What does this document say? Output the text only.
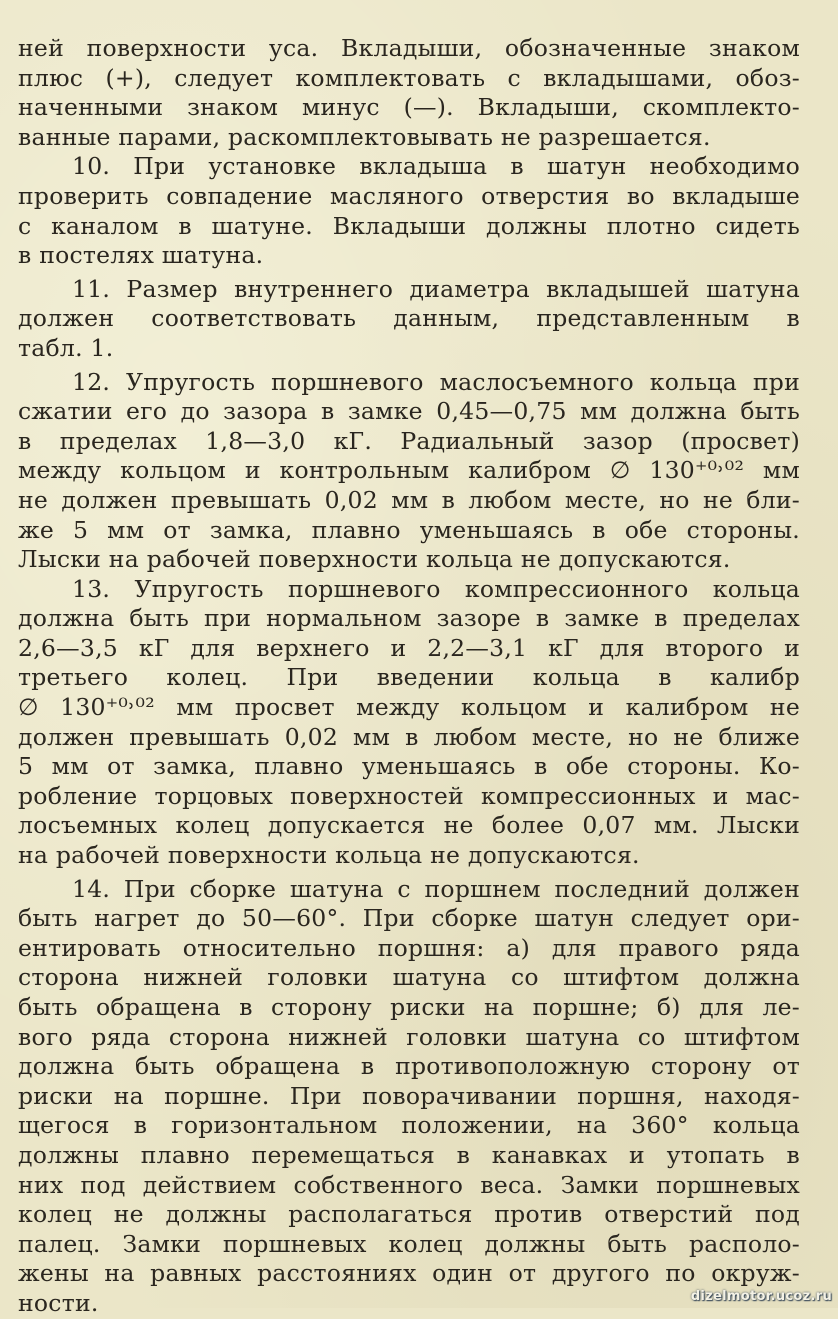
ней поверхности уса. Вкладыши, обозначенные знаком
плюс (+), следует комплектовать с вкладышами, обоз-
наченными знаком минус (—). Вкладыши, скомплекто-
ванные парами, раскомплектовывать не разрешается.
10. При установке вкладыша в шатун необходимо
проверить совпадение масляного отверстия во вкладыше
с каналом в шатуне. Вкладыши должны плотно сидеть
в постелях шатуна.
11. Размер внутреннего диаметра вкладышей шатуна
должен соответствовать данным, представленным в
табл. 1.
12. Упругость поршневого маслосъемного кольца при
сжатии его до зазора в замке 0,45—0,75 мм должна быть
в пределах 1,8—3,0 кГ. Радиальный зазор (просвет)
между кольцом и контрольным калибром ∅ 130⁺⁰˒⁰² мм
не должен превышать 0,02 мм в любом месте, но не бли-
же 5 мм от замка, плавно уменьшаясь в обе стороны.
Лыски на рабочей поверхности кольца не допускаются.
13. Упругость поршневого компрессионного кольца
должна быть при нормальном зазоре в замке в пределах
2,6—3,5 кГ для верхнего и 2,2—3,1 кГ для второго и
третьего колец. При введении кольца в калибр
∅ 130⁺⁰˒⁰² мм просвет между кольцом и калибром не
должен превышать 0,02 мм в любом месте, но не ближе
5 мм от замка, плавно уменьшаясь в обе стороны. Ко-
робление торцовых поверхностей компрессионных и мас-
лосъемных колец допускается не более 0,07 мм. Лыски
на рабочей поверхности кольца не допускаются.
14. При сборке шатуна с поршнем последний должен
быть нагрет до 50—60°. При сборке шатун следует ори-
ентировать относительно поршня: а) для правого ряда
сторона нижней головки шатуна со штифтом должна
быть обращена в сторону риски на поршне; б) для ле-
вого ряда сторона нижней головки шатуна со штифтом
должна быть обращена в противоположную сторону от
риски на поршне. При поворачивании поршня, находя-
щегося в горизонтальном положении, на 360° кольца
должны плавно перемещаться в канавках и утопать в
них под действием собственного веса. Замки поршневых
колец не должны располагаться против отверстий под
палец. Замки поршневых колец должны быть располо-
жены на равных расстояниях один от другого по окруж-
ности.	dizelmotor.ucoz.ru
